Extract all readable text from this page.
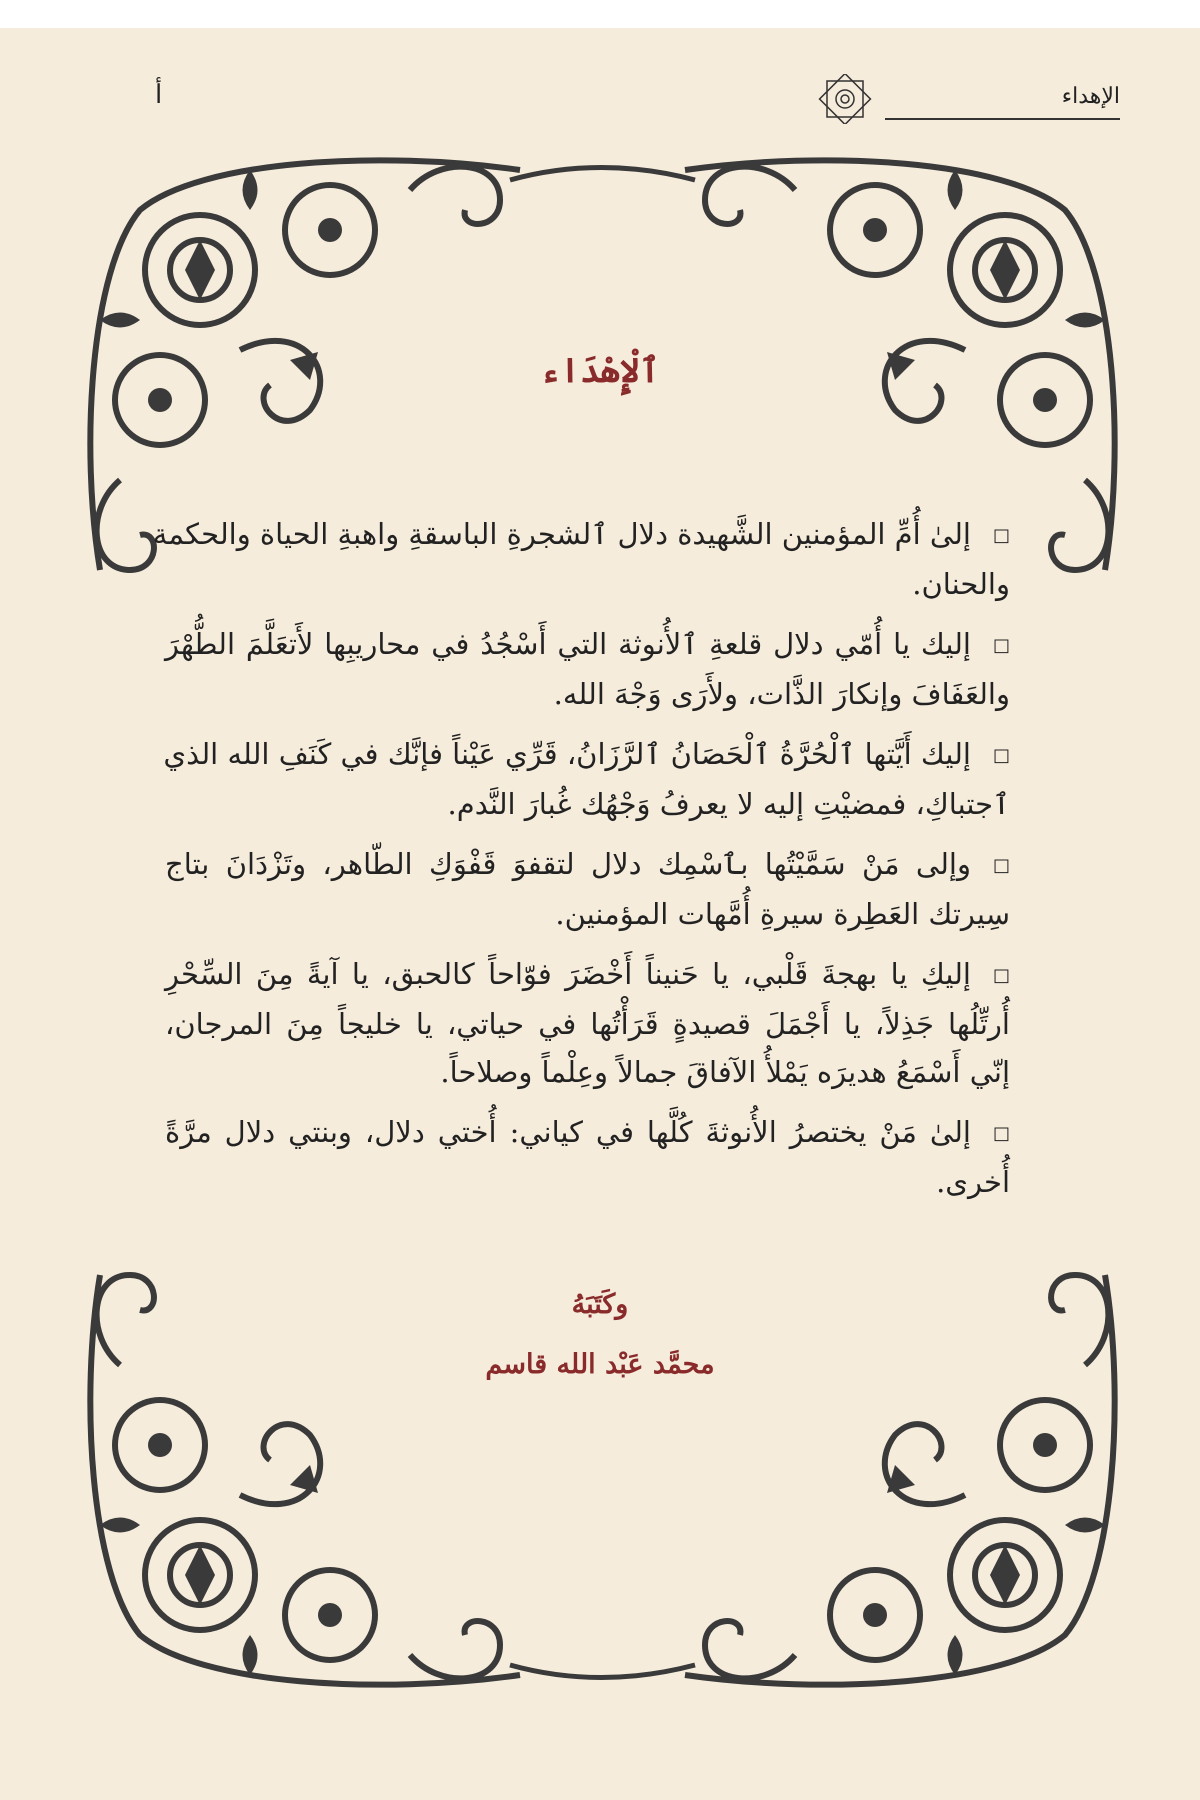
الإهداء
أ
ٱلْإِهْدَاء
□إلىٰ أُمِّ المؤمنين الشَّهيدة دلال ٱلشجرةِ الباسقةِ واهبةِ الحياة والحكمة
والحنان.
□إليك يا أُمّي دلال قلعةِ ٱلأُنوثة التي أَسْجُدُ في محاريبِها لأَتعَلَّمَ الطُّهْرَ
والعَفَافَ وإنكارَ الذَّات، ولأَرَى وَجْهَ الله.
□إليك أَيَّتها ٱلْحُرَّةُ ٱلْحَصَانُ ٱلرَّزَانُ، قَرِّي عَيْناً فإنَّك في كَنَفِ الله الذي
ٱجتباكِ، فمضيْتِ إليه لا يعرفُ وَجْهُك غُبارَ النَّدم.
□وإلى مَنْ سَمَّيْتُها بٱسْمِك دلال لتقفوَ قَفْوَكِ الطّاهر، وتَزْدَانَ بتاج
سِيرتك العَطِرة سيرةِ أُمَّهات المؤمنين.
□إليكِ يا بهجةَ قَلْبي، يا حَنيناً أَخْضَرَ فوّاحاً كالحبق، يا آيةً مِنَ السِّحْرِ
أُرتِّلُها جَذِلاً، يا أَجْمَلَ قصيدةٍ قَرَأْتُها في حياتي، يا خليجاً مِنَ المرجان،
إنّي أَسْمَعُ هديرَه يَمْلأُ الآفاقَ جمالاً وعِلْماً وصلاحاً.
□إلىٰ مَنْ يختصرُ الأُنوثةَ كُلَّها في كياني: أُختي دلال، وبنتي دلال مرَّةً
أُخرى.
وكَتَبَهُ
محمَّد عَبْد الله قاسم
